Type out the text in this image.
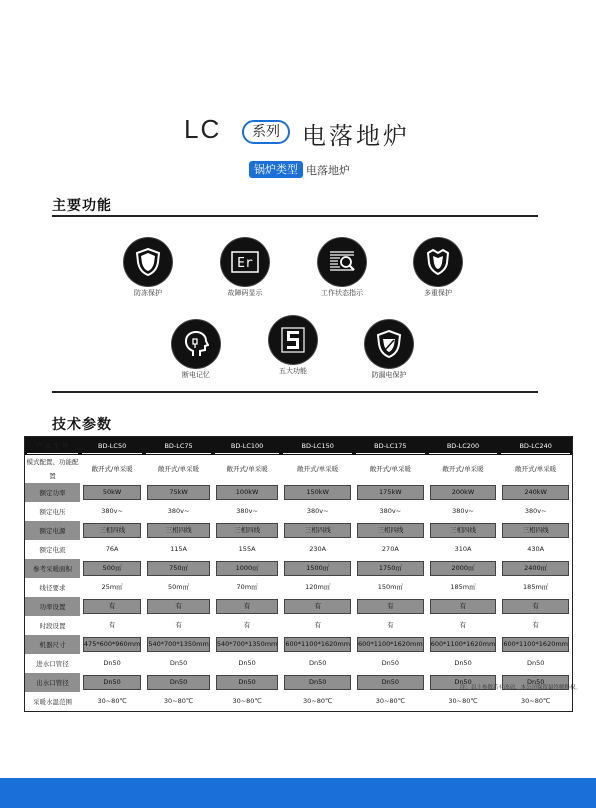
LC	系列 电落地炉
锅炉类型 电落地炉
主要功能
防冻保护
Er
故障码显示	工作状态指示	多重保护
断电记忆	五大功能	防漏电保护
技术参数
产 品 型 号	BD-LC50	BD-LC75	BD-LC100	BD-LC150	BD-LC175	BD-LC200	BD-LC240

模式配置、功能配置	敞开式/单采暖	敞开式/单采暖	敞开式/单采暖	敞开式/单采暖	敞开式/单采暖	敞开式/单采暖	敞开式/单采暖

额定功率	50kW	75kW	100kW	150kW	175kW	200kW	240kW

额定电压	380v~	380v~	380v~	380v~	380v~	380v~	380v~

额定电源	三相四线	三相四线	三相四线	三相四线	三相四线	三相四线	三相四线

额定电流	76A	115A	155A	230A	270A	310A	430A

参考采暖面积	500㎡	750㎡	1000㎡	1500㎡	1750㎡	2000㎡	2400㎡

线径要求	25m㎡	50m㎡	70m㎡	120m㎡	150m㎡	185m㎡	185m㎡

功率设置	有	有	有	有	有	有	有

时段设置	有	有	有	有	有	有	有

机器尺寸	475*600*960mm	540*700*1350mm	540*700*1350mm	600*1100*1620mm	600*1100*1620mm	600*1100*1620mm	600*1100*1620mm

进水口管径	Dn50	Dn50	Dn50	Dn50	Dn50	Dn50	Dn50

出水口管径	Dn50	Dn50	Dn50	Dn50	Dn50	Dn50	Dn50

采暖水温范围	30~80℃	30~80℃	30~80℃	30~80℃	30~80℃	30~80℃	30~80℃
注：以上参数若有改动，本公司保留最终解释权。
